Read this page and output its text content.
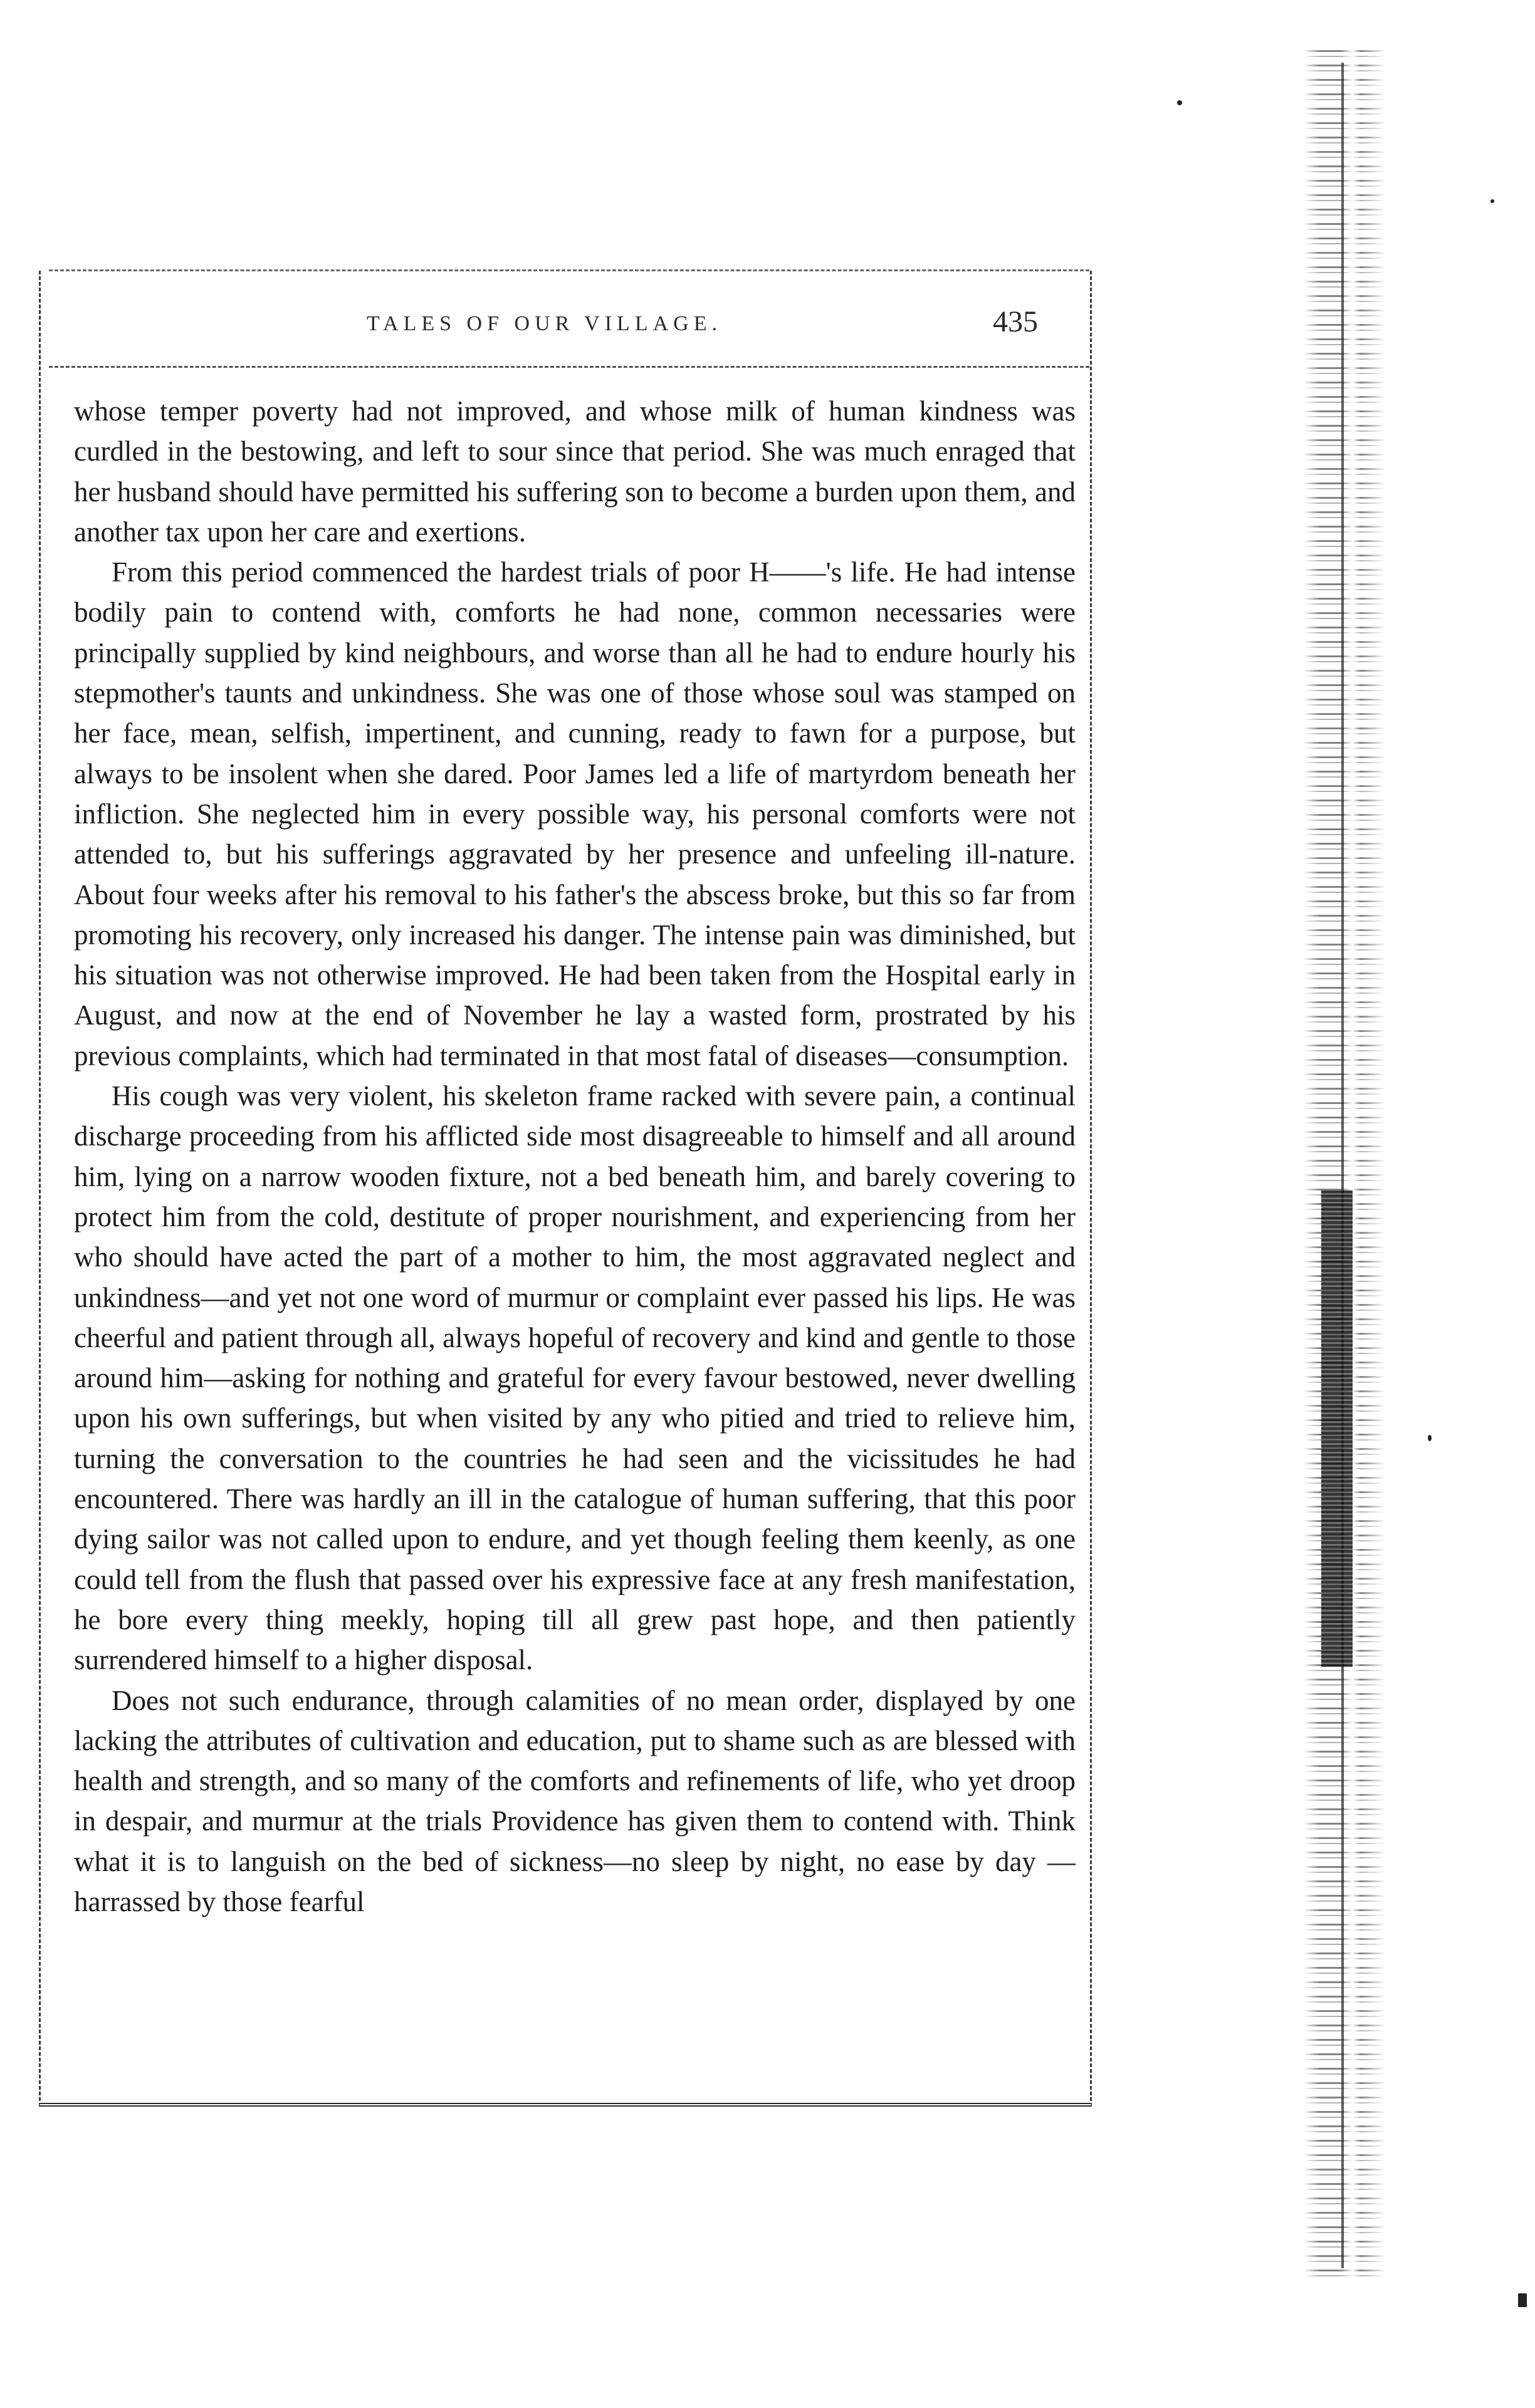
TALES OF OUR VILLAGE.	435

whose temper poverty had not improved, and whose milk of human kindness was curdled in the bestowing, and left to sour since that period. She was much enraged that her husband should have permitted his suffering son to become a burden upon them, and another tax upon her care and exertions.

From this period commenced the hardest trials of poor H——'s life. He had intense bodily pain to contend with, comforts he had none, common necessaries were principally supplied by kind neighbours, and worse than all he had to endure hourly his stepmother's taunts and unkindness. She was one of those whose soul was stamped on her face, mean, selfish, impertinent, and cunning, ready to fawn for a purpose, but always to be insolent when she dared. Poor James led a life of martyrdom beneath her infliction. She neglected him in every possible way, his personal comforts were not attended to, but his sufferings aggravated by her presence and unfeeling ill-nature. About four weeks after his removal to his father's the abscess broke, but this so far from promoting his recovery, only increased his danger. The intense pain was diminished, but his situation was not otherwise improved. He had been taken from the Hospital early in August, and now at the end of November he lay a wasted form, prostrated by his previous complaints, which had terminated in that most fatal of diseases—consumption.

His cough was very violent, his skeleton frame racked with severe pain, a continual discharge proceeding from his afflicted side most disagreeable to himself and all around him, lying on a narrow wooden fixture, not a bed beneath him, and barely covering to protect him from the cold, destitute of proper nourishment, and experiencing from her who should have acted the part of a mother to him, the most aggravated neglect and unkindness—and yet not one word of murmur or complaint ever passed his lips. He was cheerful and patient through all, always hopeful of recovery and kind and gentle to those around him—asking for nothing and grateful for every favour bestowed, never dwelling upon his own sufferings, but when visited by any who pitied and tried to relieve him, turning the conversation to the countries he had seen and the vicissitudes he had encountered. There was hardly an ill in the catalogue of human suffering, that this poor dying sailor was not called upon to endure, and yet though feeling them keenly, as one could tell from the flush that passed over his expressive face at any fresh manifestation, he bore every thing meekly, hoping till all grew past hope, and then patiently surrendered himself to a higher disposal.

Does not such endurance, through calamities of no mean order, displayed by one lacking the attributes of cultivation and education, put to shame such as are blessed with health and strength, and so many of the comforts and refinements of life, who yet droop in despair, and murmur at the trials Providence has given them to contend with. Think what it is to languish on the bed of sickness—no sleep by night, no ease by day — harrassed by those fearful
